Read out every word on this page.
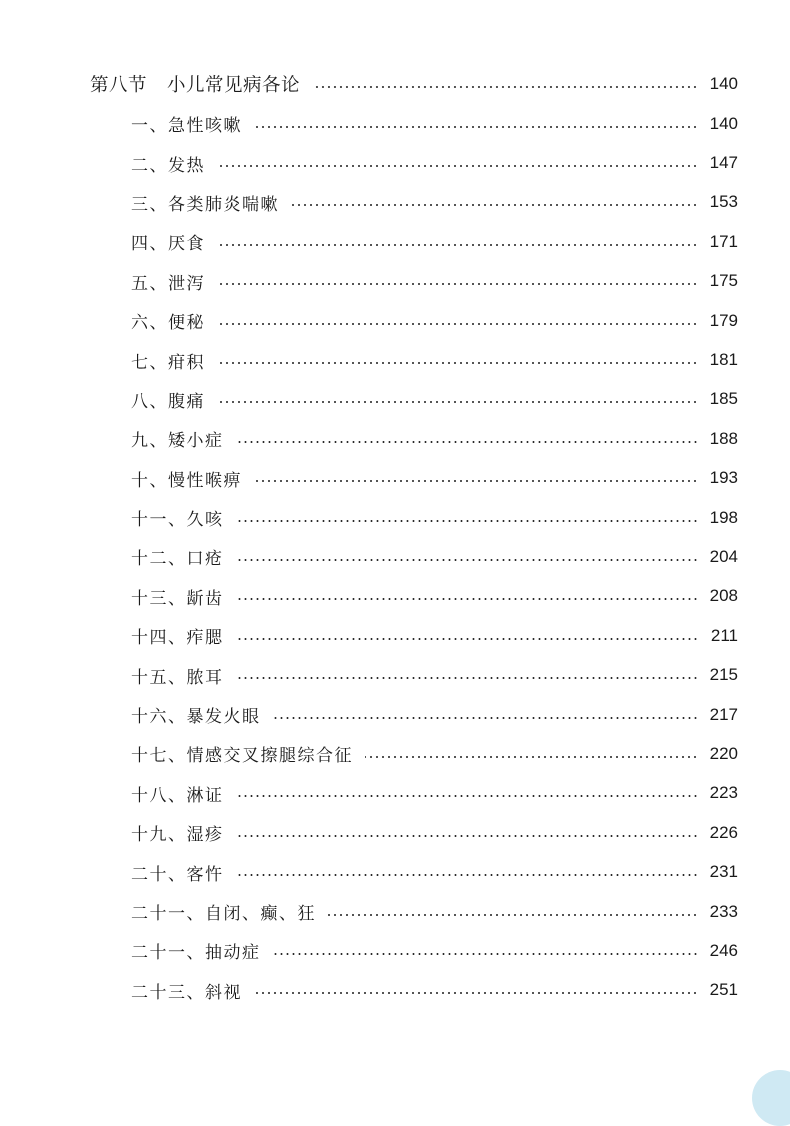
第八节 小儿常见病各论	140
一、急性咳嗽	140
二、发热	147
三、各类肺炎喘嗽	153
四、厌食	171
五、泄泻	175
六、便秘	179
七、疳积	181
八、腹痛	185
九、矮小症	188
十、慢性喉痹	193
十一、久咳	198
十二、口疮	204
十三、龂齿	208
十四、痄腮	211
十五、脓耳	215
十六、暴发火眼	217
十七、情感交叉擦腿综合征	220
十八、淋证	223
十九、湿疹	226
二十、客忤	231
二十一、自闭、癫、狂	233
二十一、抽动症	246
二十三、斜视	251
